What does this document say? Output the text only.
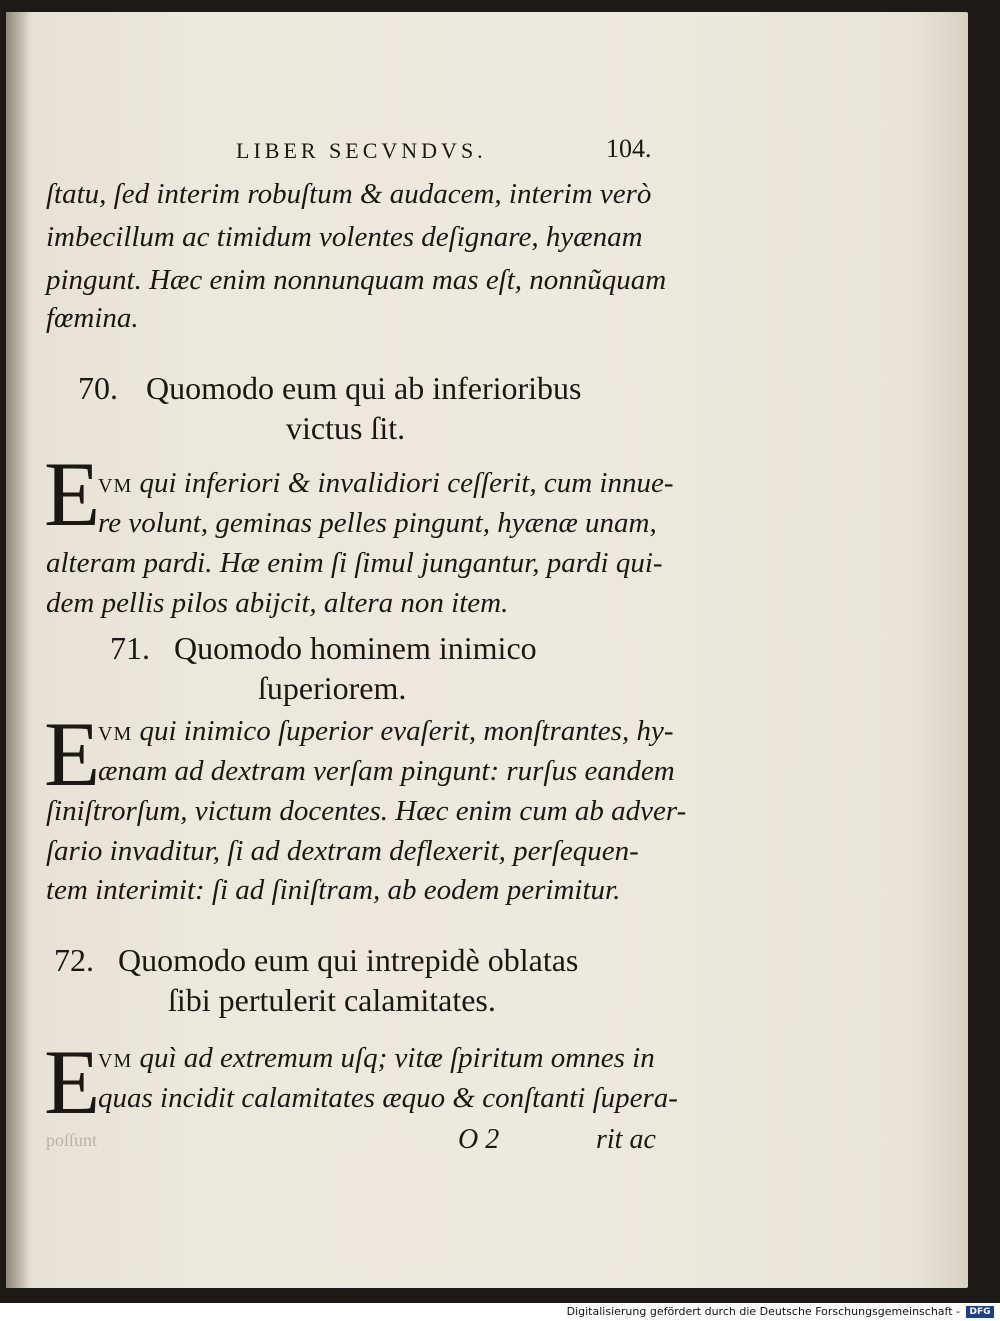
LIBER SECVNDVS.	104.
ſtatu, ſed interim robuſtum & audacem, interim verò
imbecillum ac timidum volentes deſignare, hyænam
pingunt. Hæc enim nonnunquam mas eſt, nonnũquam
fœmina.
70. Quomodo eum qui ab inferioribus
victus ſit.
E
VM qui inferiori & invalidiori ceſſerit, cum innue-
re volunt, geminas pelles pingunt, hyænæ unam,
alteram pardi. Hæ enim ſi ſimul jungantur, pardi qui-
dem pellis pilos abijcit, altera non item.
71. Quomodo hominem inimico
ſuperiorem.
E
VM qui inimico ſuperior evaſerit, monſtrantes, hy-
ænam ad dextram verſam pingunt: rurſus eandem
ſiniſtrorſum, victum docentes. Hæc enim cum ab adver-
ſario invaditur, ſi ad dextram deflexerit, perſequen-
tem interimit: ſi ad ſiniſtram, ab eodem perimitur.
72. Quomodo eum qui intrepidè oblatas
ſibi pertulerit calamitates.
E
VM quì ad extremum uſq; vitæ ſpiritum omnes in
quas incidit calamitates æquo & conſtanti ſupera-
poſſunt	O 2	rit ac
Digitalisierung gefördert durch die Deutsche Forschungsgemeinschaft -	DFG
